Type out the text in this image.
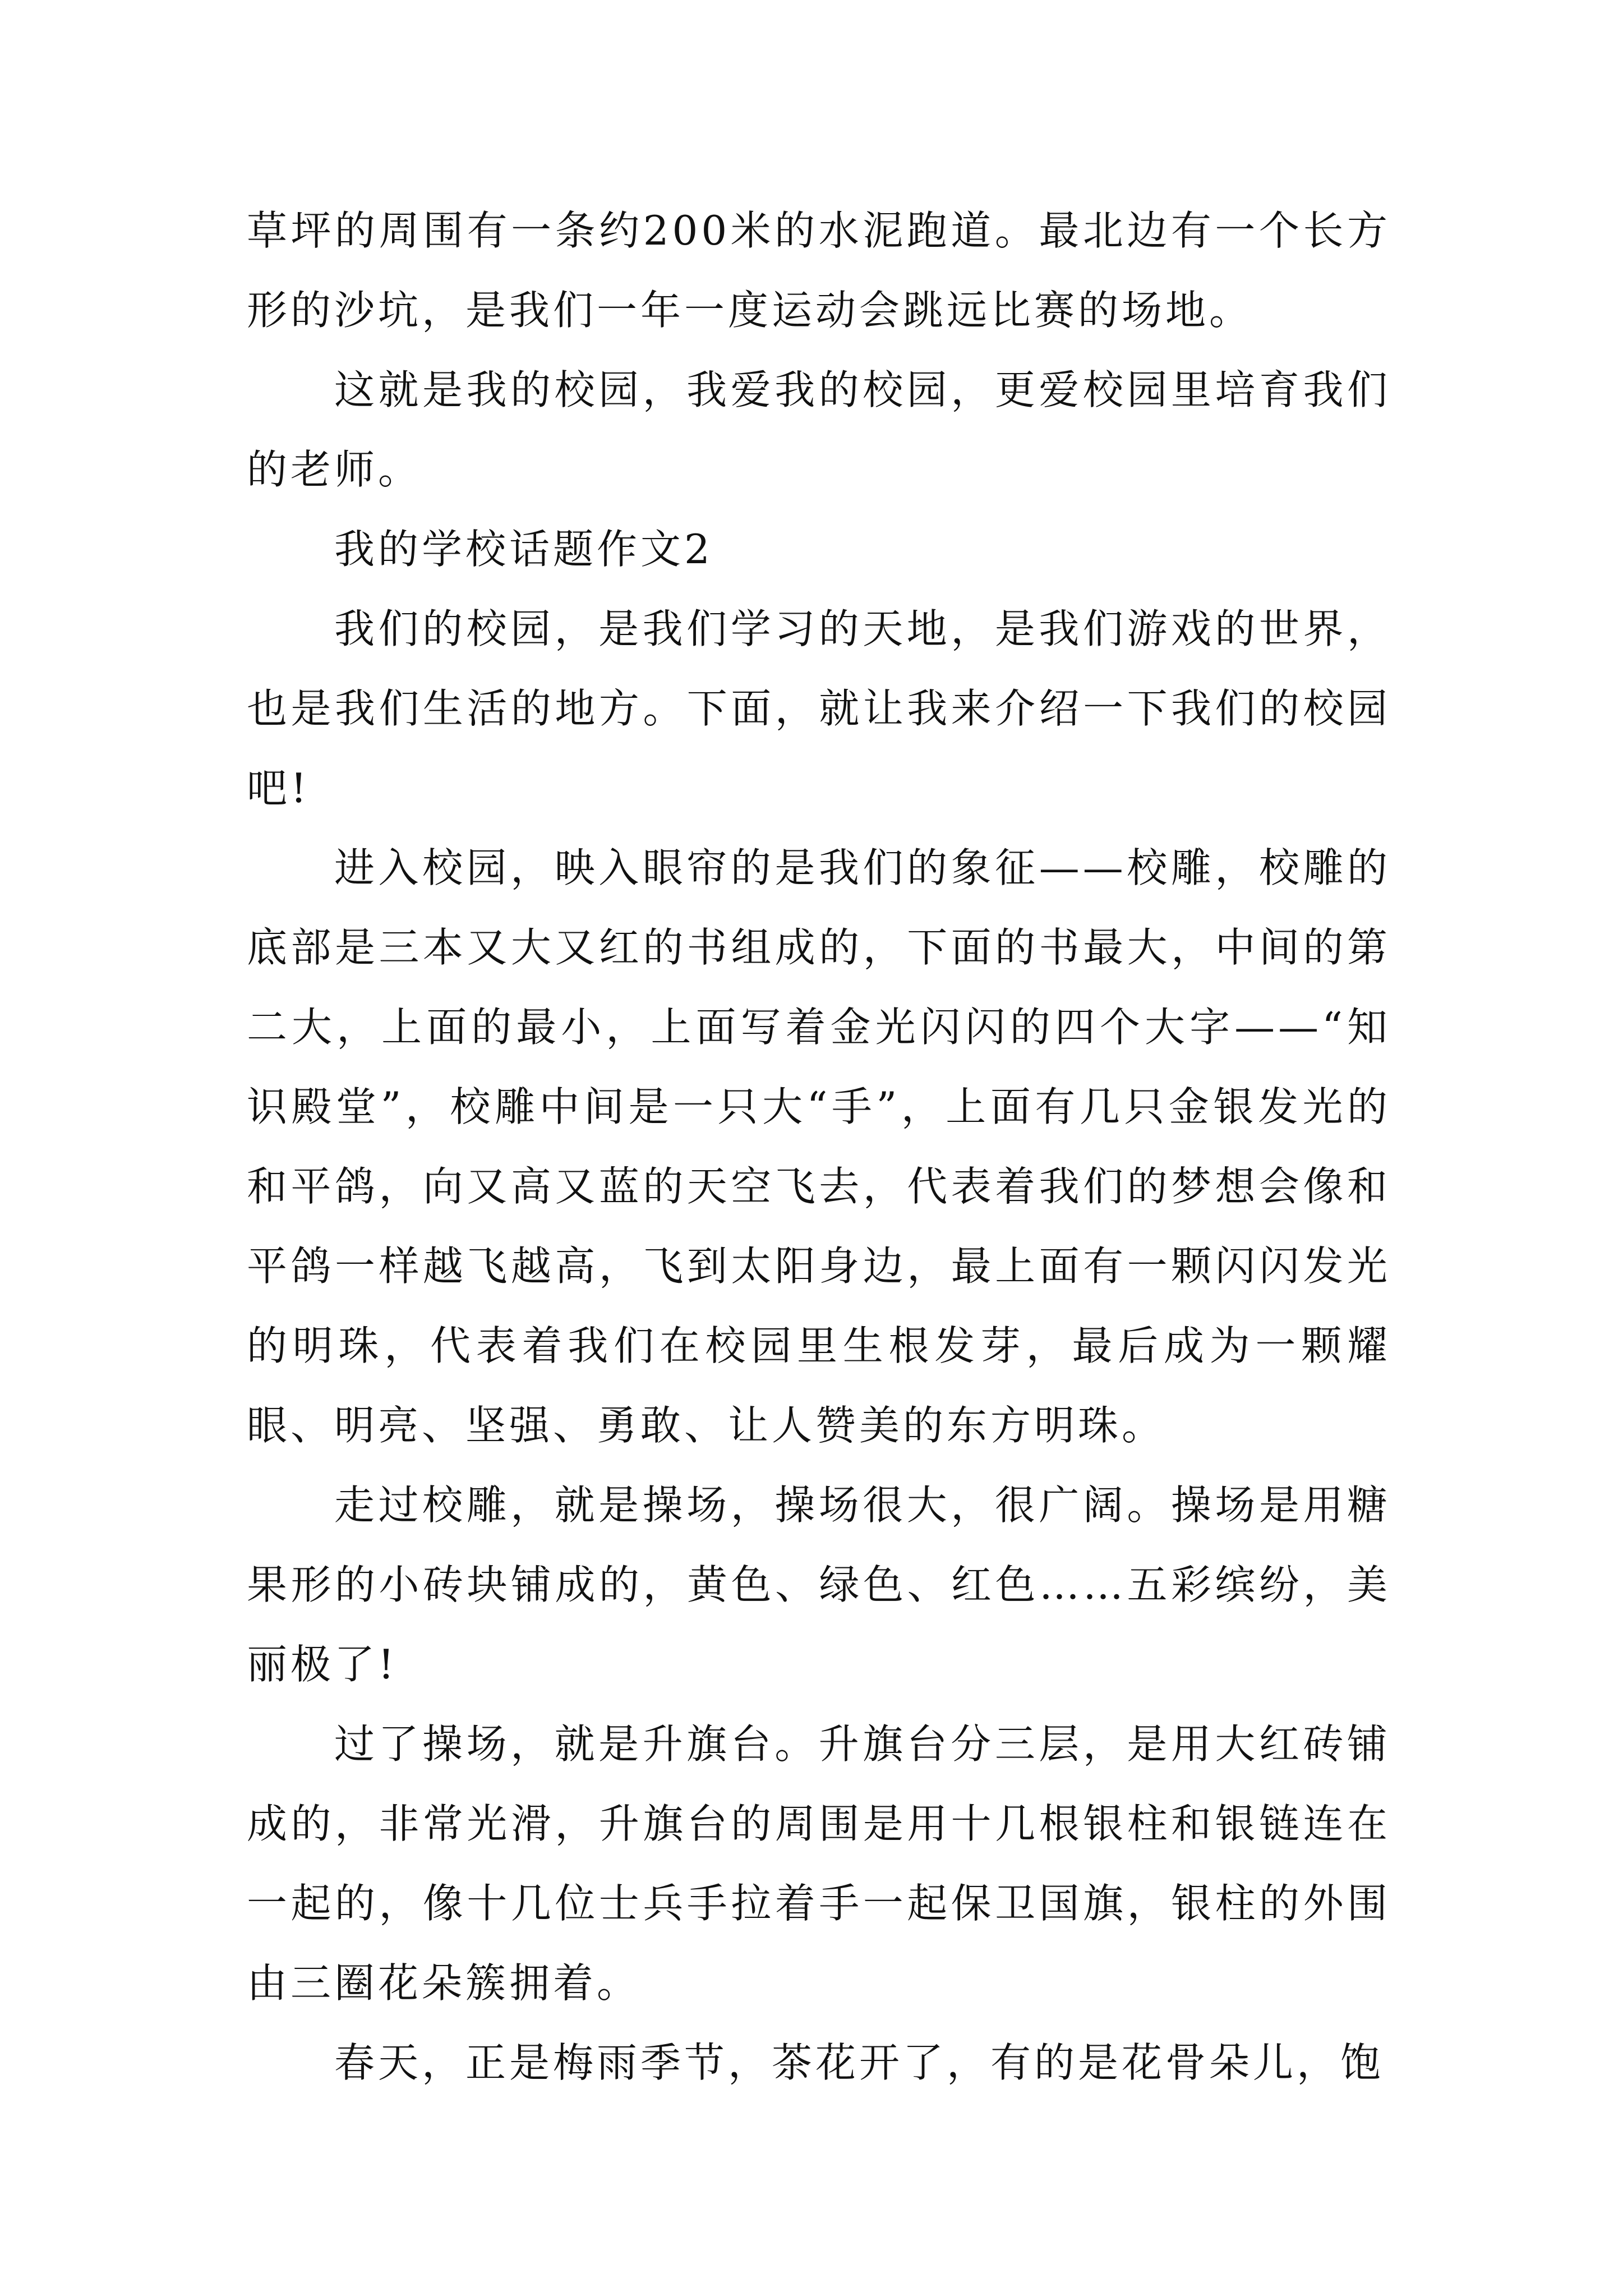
草坪的周围有一条约200米的水泥跑道。最北边有一个长方形的沙坑，是我们一年一度运动会跳远比赛的场地。

这就是我的校园，我爱我的校园，更爱校园里培育我们的老师。

我的学校话题作文2

我们的校园，是我们学习的天地，是我们游戏的世界，也是我们生活的地方。下面，就让我来介绍一下我们的校园吧!

进入校园，映入眼帘的是我们的象征——校雕，校雕的底部是三本又大又红的书组成的，下面的书最大，中间的第二大，上面的最小，上面写着金光闪闪的四个大字——“知识殿堂”，校雕中间是一只大“手”，上面有几只金银发光的和平鸽，向又高又蓝的天空飞去，代表着我们的梦想会像和平鸽一样越飞越高，飞到太阳身边，最上面有一颗闪闪发光的明珠，代表着我们在校园里生根发芽，最后成为一颗耀眼、明亮、坚强、勇敢、让人赞美的东方明珠。

走过校雕，就是操场，操场很大，很广阔。操场是用糖果形的小砖块铺成的，黄色、绿色、红色……五彩缤纷，美丽极了!

过了操场，就是升旗台。升旗台分三层，是用大红砖铺成的，非常光滑，升旗台的周围是用十几根银柱和银链连在一起的，像十几位士兵手拉着手一起保卫国旗，银柱的外围由三圈花朵簇拥着。

春天，正是梅雨季节，茶花开了，有的是花骨朵儿，饱
